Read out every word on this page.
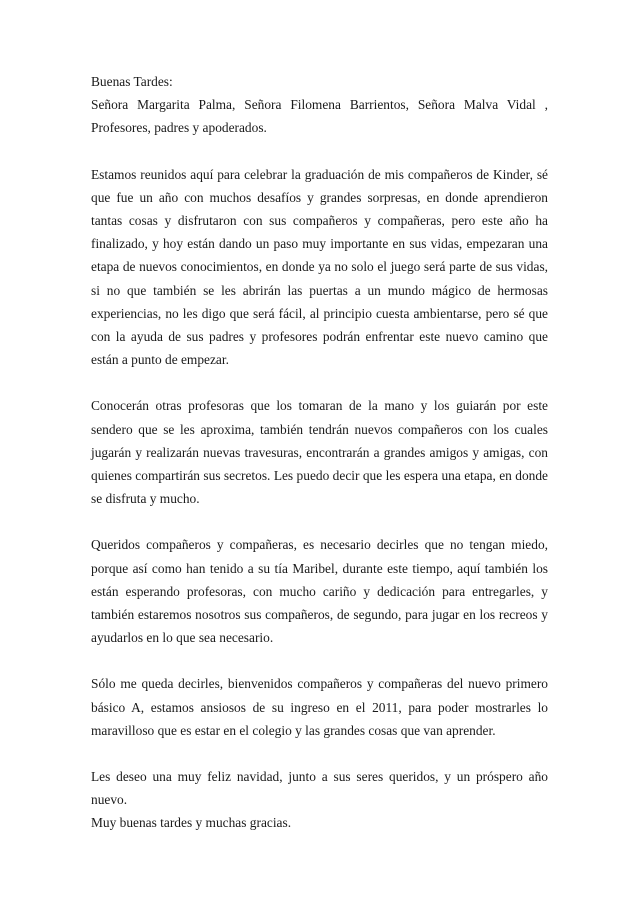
Buenas Tardes:
Señora Margarita Palma, Señora Filomena Barrientos, Señora Malva Vidal , Profesores, padres y apoderados.

Estamos reunidos aquí para celebrar la graduación de mis compañeros de Kinder, sé que fue un año con muchos desafíos y grandes sorpresas, en donde aprendieron tantas cosas y disfrutaron con sus compañeros y compañeras, pero este año ha finalizado, y hoy están dando un paso muy importante en sus vidas, empezaran una etapa de nuevos conocimientos, en donde ya no solo el juego será parte de sus vidas, si no que también se les abrirán las puertas a un mundo mágico de hermosas experiencias, no les digo que será fácil, al principio cuesta ambientarse, pero sé que con la ayuda de sus padres y profesores podrán enfrentar este nuevo camino que están a punto de empezar.

Conocerán otras profesoras que los tomaran de la mano y los guiarán por este sendero que se les aproxima, también tendrán nuevos compañeros con los cuales jugarán y realizarán nuevas travesuras, encontrarán a grandes amigos y amigas, con quienes compartirán sus secretos. Les puedo decir que les espera una etapa, en donde se disfruta y mucho.

Queridos compañeros y compañeras, es necesario decirles que no tengan miedo, porque así como han tenido a su tía Maribel, durante este tiempo, aquí también los están esperando profesoras, con mucho cariño y dedicación para entregarles, y también estaremos nosotros sus compañeros, de segundo, para jugar en los recreos y ayudarlos en lo que sea necesario.

Sólo me queda decirles, bienvenidos compañeros y compañeras del nuevo primero básico A, estamos ansiosos de su ingreso en el 2011, para poder mostrarles lo maravilloso que es estar en el colegio y las grandes cosas que van aprender.

Les deseo una muy feliz navidad, junto a sus seres queridos, y un próspero año nuevo.
Muy buenas tardes y muchas gracias.
